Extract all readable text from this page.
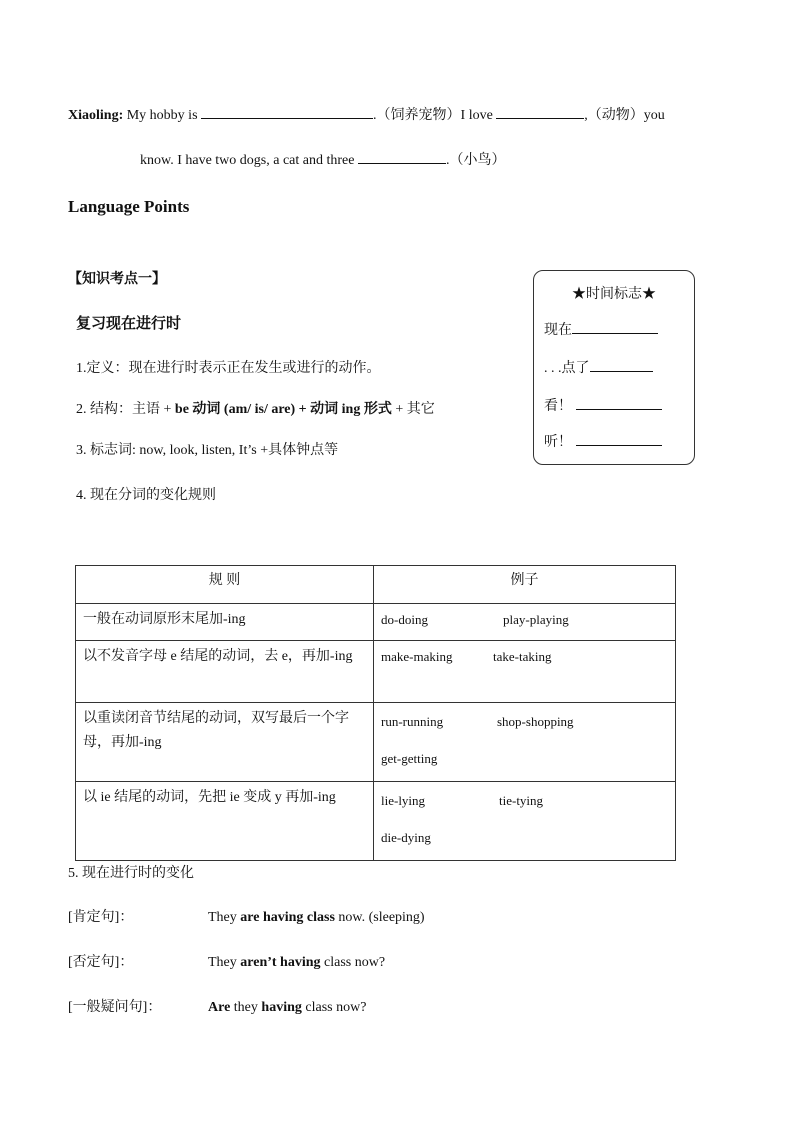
Xiaoling: My hobby is	.（饲养宠物）I love	,（动物）you
know. I have two dogs, a cat and three	.（小鸟）
Language Points
【知识考点一】
复习现在进行时
1.定义：现在进行时表示正在发生或进行的动作。
2. 结构：主语 + be 动词 (am/ is/ are) + 动词 ing 形式 + 其它
3. 标志词: now, look, listen, It’s +具体钟点等
4. 现在分词的变化规则
★时间标志★
现在
. . .点了
看！
听！
规 则	例子
一般在动词原形末尾加-ing	do-doing play-playing

以不发音字母 e 结尾的动词，去 e，再加-ing	make-making take-taking

以重读闭音节结尾的动词，双写最后一个字母，再加-ing	run-running shop-shopping
get-getting

以 ie 结尾的动词，先把 ie 变成 y 再加-ing	lie-lying tie-tying
die-dying
5. 现在进行时的变化
[肯定句]：	They are having class now. (sleeping)
[否定句]：	They aren’t having class now?
[一般疑问句]：	Are they having class now?
